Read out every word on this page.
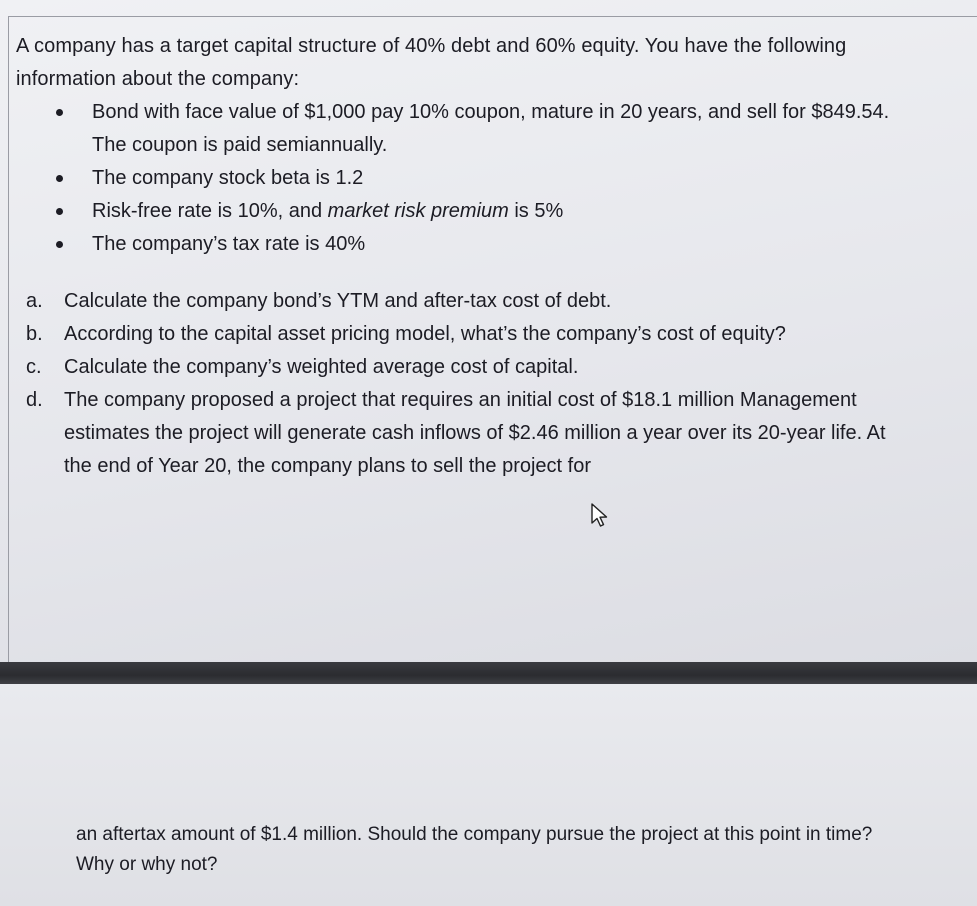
A company has a target capital structure of 40% debt and 60% equity. You have the following information about the company:

Bond with face value of $1,000 pay 10% coupon, mature in 20 years, and sell for $849.54. The coupon is paid semiannually.
The company stock beta is 1.2
Risk-free rate is 10%, and market risk premium is 5%
The company’s tax rate is 40%
a. Calculate the company bond’s YTM and after-tax cost of debt.
b. According to the capital asset pricing model, what’s the company’s cost of equity?
c. Calculate the company’s weighted average cost of capital.
d. The company proposed a project that requires an initial cost of $18.1 million Management estimates the project will generate cash inflows of $2.46 million a year over its 20-year life. At the end of Year 20, the company plans to sell the project for

an aftertax amount of $1.4 million. Should the company pursue the project at this point in time? Why or why not?
